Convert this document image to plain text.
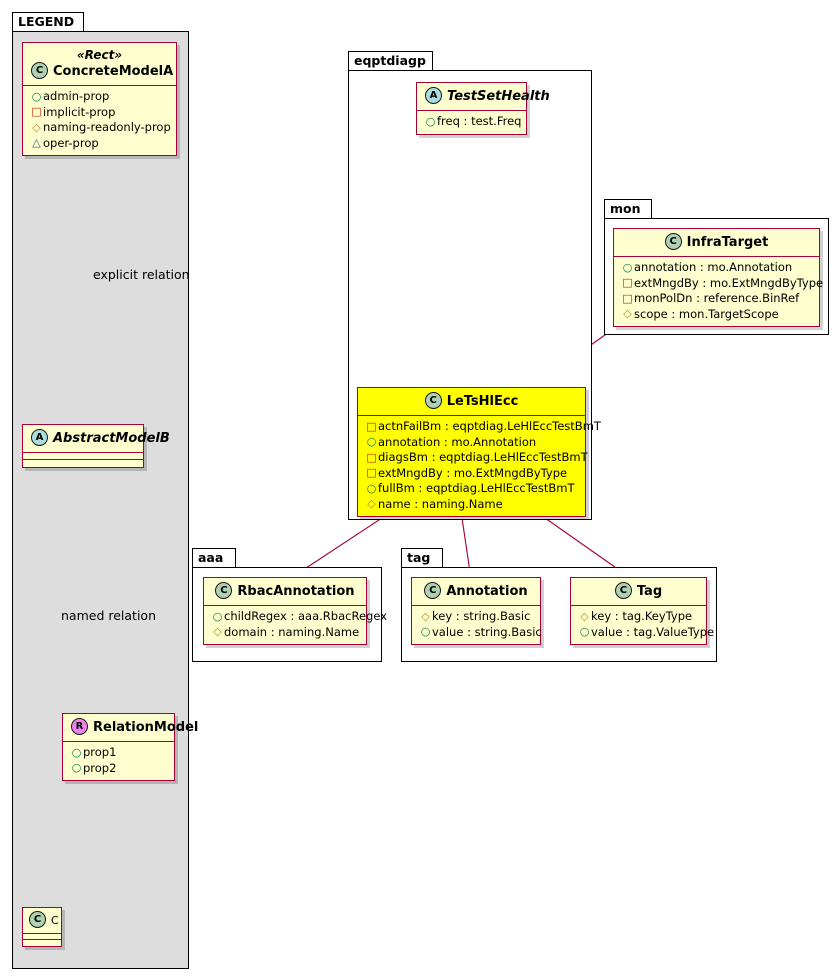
LEGEND
«Rect»
C ConcreteModelA
○ admin-prop
□implicit-prop
◇ naming-readonly-prop
△ oper-prop
explicit relation
A AbstractModelB
named relation
R RelationModel
○ prop1
○ prop2
C C
eqptdiagp
A TestSetHealth
○ freq : test.Freq
C LeTsHlEcc
□actnFailBm : eqptdiag.LeHlEccTestBmT
○ annotation : mo.Annotation
□diagsBm : eqptdiag.LeHlEccTestBmT
□extMngdBy : mo.ExtMngdByType
○ fullBm : eqptdiag.LeHlEccTestBmT
◇ name : naming.Name
mon
C InfraTarget
○ annotation : mo.Annotation
□extMngdBy : mo.ExtMngdByType
□monPolDn : reference.BinRef
◇ scope : mon.TargetScope
aaa
C RbacAnnotation
○ childRegex : aaa.RbacRegex
◇ domain : naming.Name
tag
C Annotation
◇ key : string.Basic
○ value : string.Basic
C Tag
◇ key : tag.KeyType
○ value : tag.ValueType
